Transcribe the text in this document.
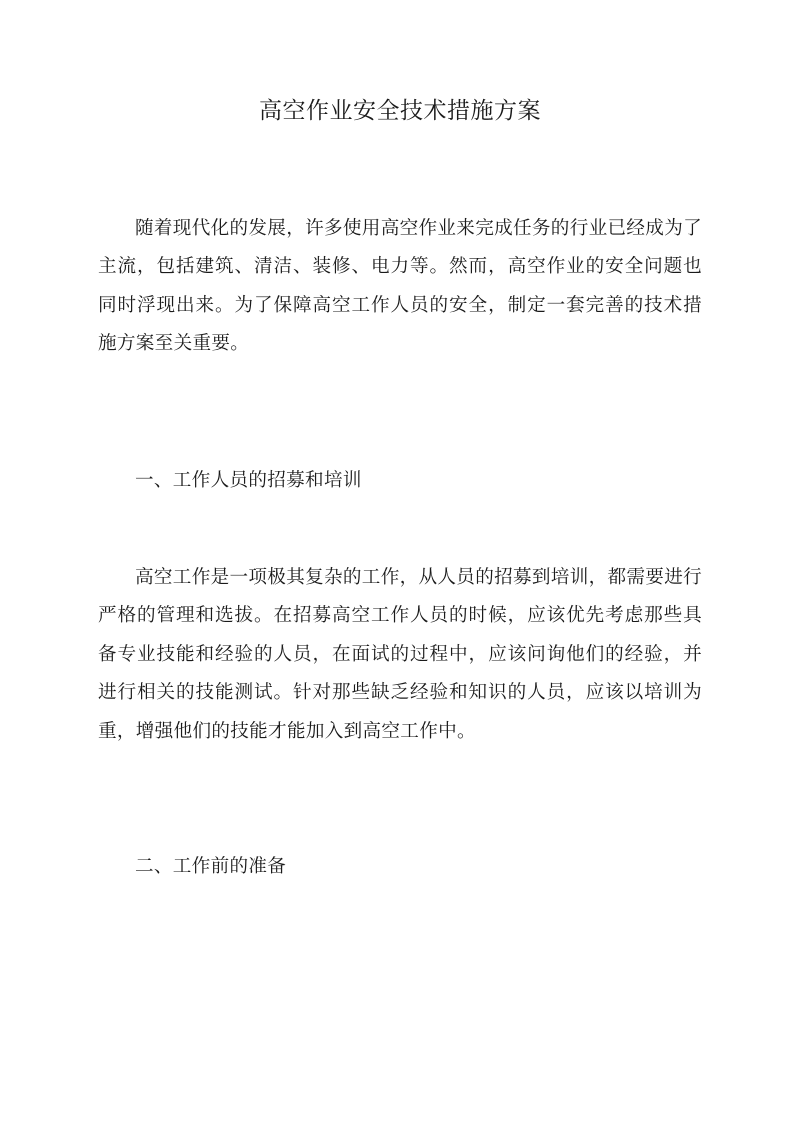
高空作业安全技术措施方案

随着现代化的发展，许多使用高空作业来完成任务的行业已经成为了主流，包括建筑、清洁、装修、电力等。然而，高空作业的安全问题也同时浮现出来。为了保障高空工作人员的安全，制定一套完善的技术措施方案至关重要。

一、工作人员的招募和培训

高空工作是一项极其复杂的工作，从人员的招募到培训，都需要进行严格的管理和选拔。在招募高空工作人员的时候，应该优先考虑那些具备专业技能和经验的人员，在面试的过程中，应该问询他们的经验，并进行相关的技能测试。针对那些缺乏经验和知识的人员，应该以培训为重，增强他们的技能才能加入到高空工作中。

二、工作前的准备
